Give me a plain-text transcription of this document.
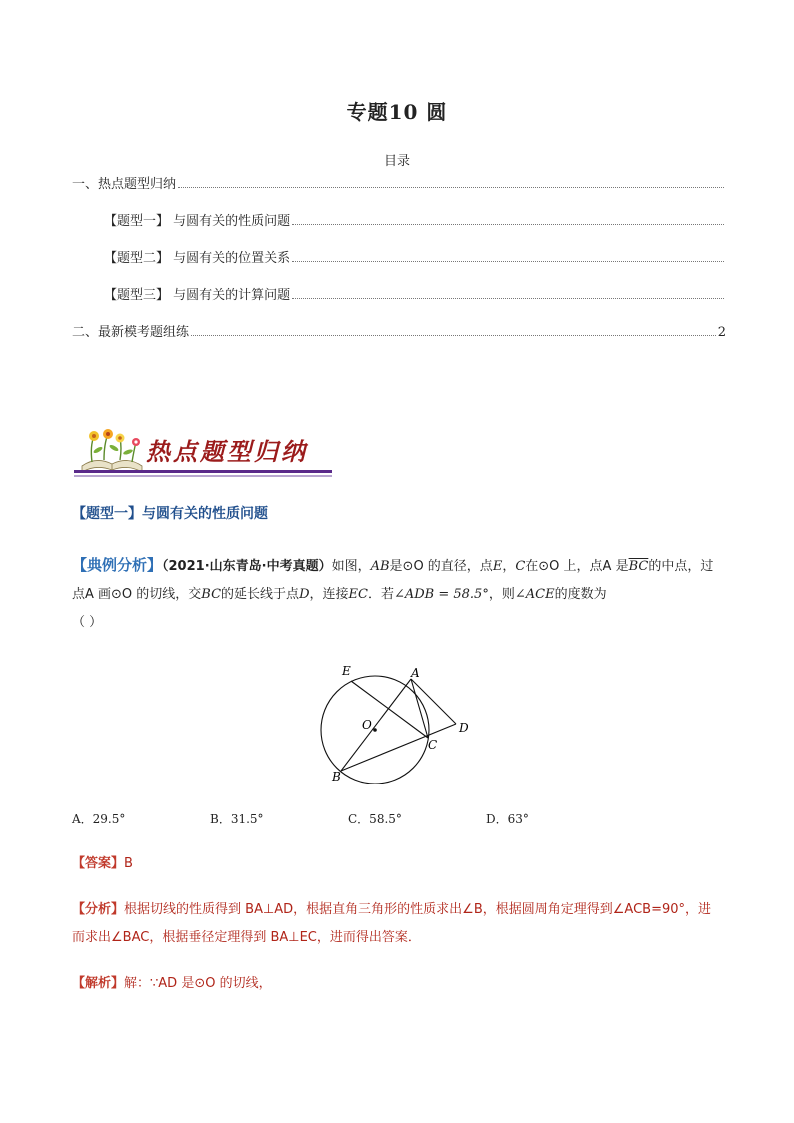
专题10 圆
目录
一、热点题型归纳
【题型一】 与圆有关的性质问题
【题型二】 与圆有关的位置关系
【题型三】 与圆有关的计算问题
二、最新模考题组练	2
热点题型归纳
【题型一】与圆有关的性质问题
【典例分析】（2021·山东青岛·中考真题）如图，AB是⊙O 的直径，点E，C在⊙O 上，点A 是$\overline{BC}$的中点，过点A 画⊙O 的切线，交BC的延长线于点D，连接EC．若∠ADB = 58.5°，则∠ACE的度数为
（ ）
E	A
O	D
C
B
A．29.5°	B．31.5°	C．58.5°	D．63°
【答案】B
【分析】根据切线的性质得到 BA⊥AD，根据直角三角形的性质求出∠B，根据圆周角定理得到∠ACB=90°，进而求出∠BAC，根据垂径定理得到 BA⊥EC，进而得出答案．
【解析】解：∵AD 是⊙O 的切线，
